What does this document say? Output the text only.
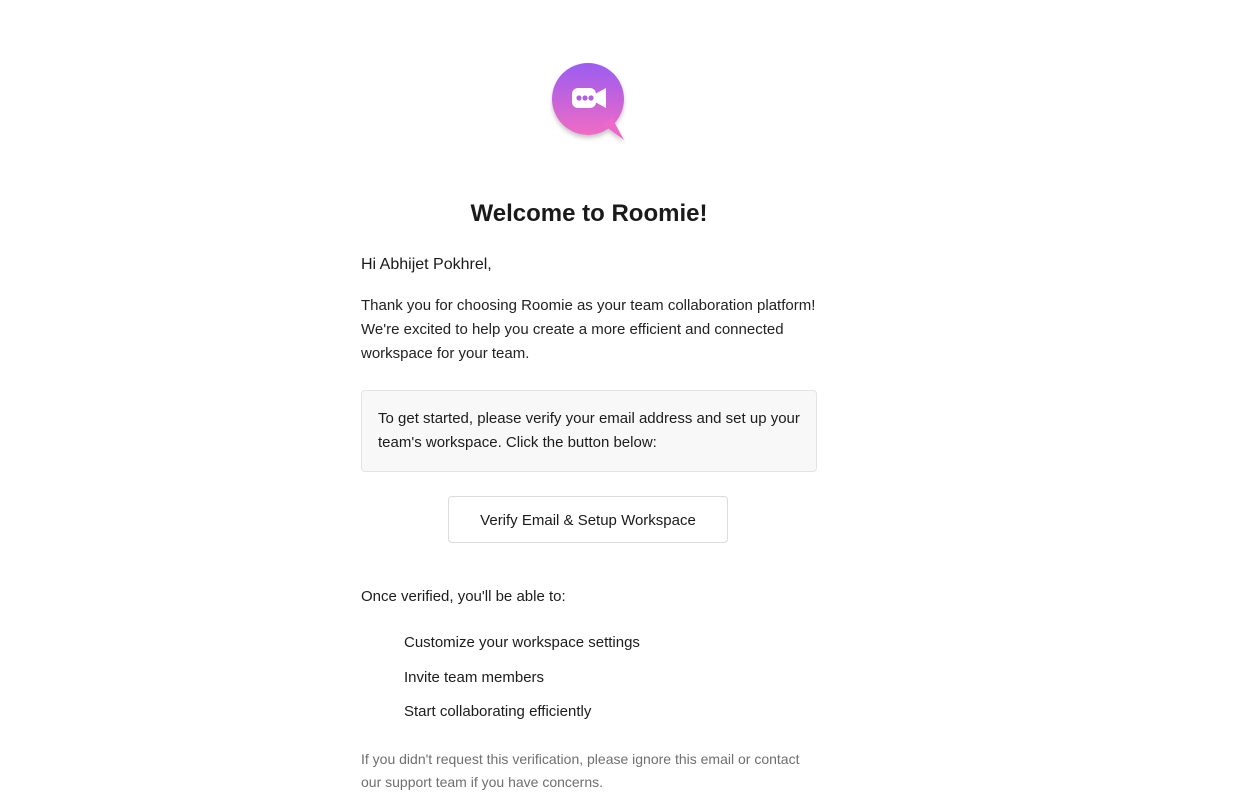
Welcome to Roomie!

Hi Abhijet Pokhrel,

Thank you for choosing Roomie as your team collaboration platform! We're excited to help you create a more efficient and connected workspace for your team.

To get started, please verify your email address and set up your team's workspace. Click the button below:
Verify Email & Setup Workspace

Once verified, you'll be able to:

Customize your workspace settings
Invite team members
Start collaborating efficiently

If you didn't request this verification, please ignore this email or contact our support team if you have concerns.
